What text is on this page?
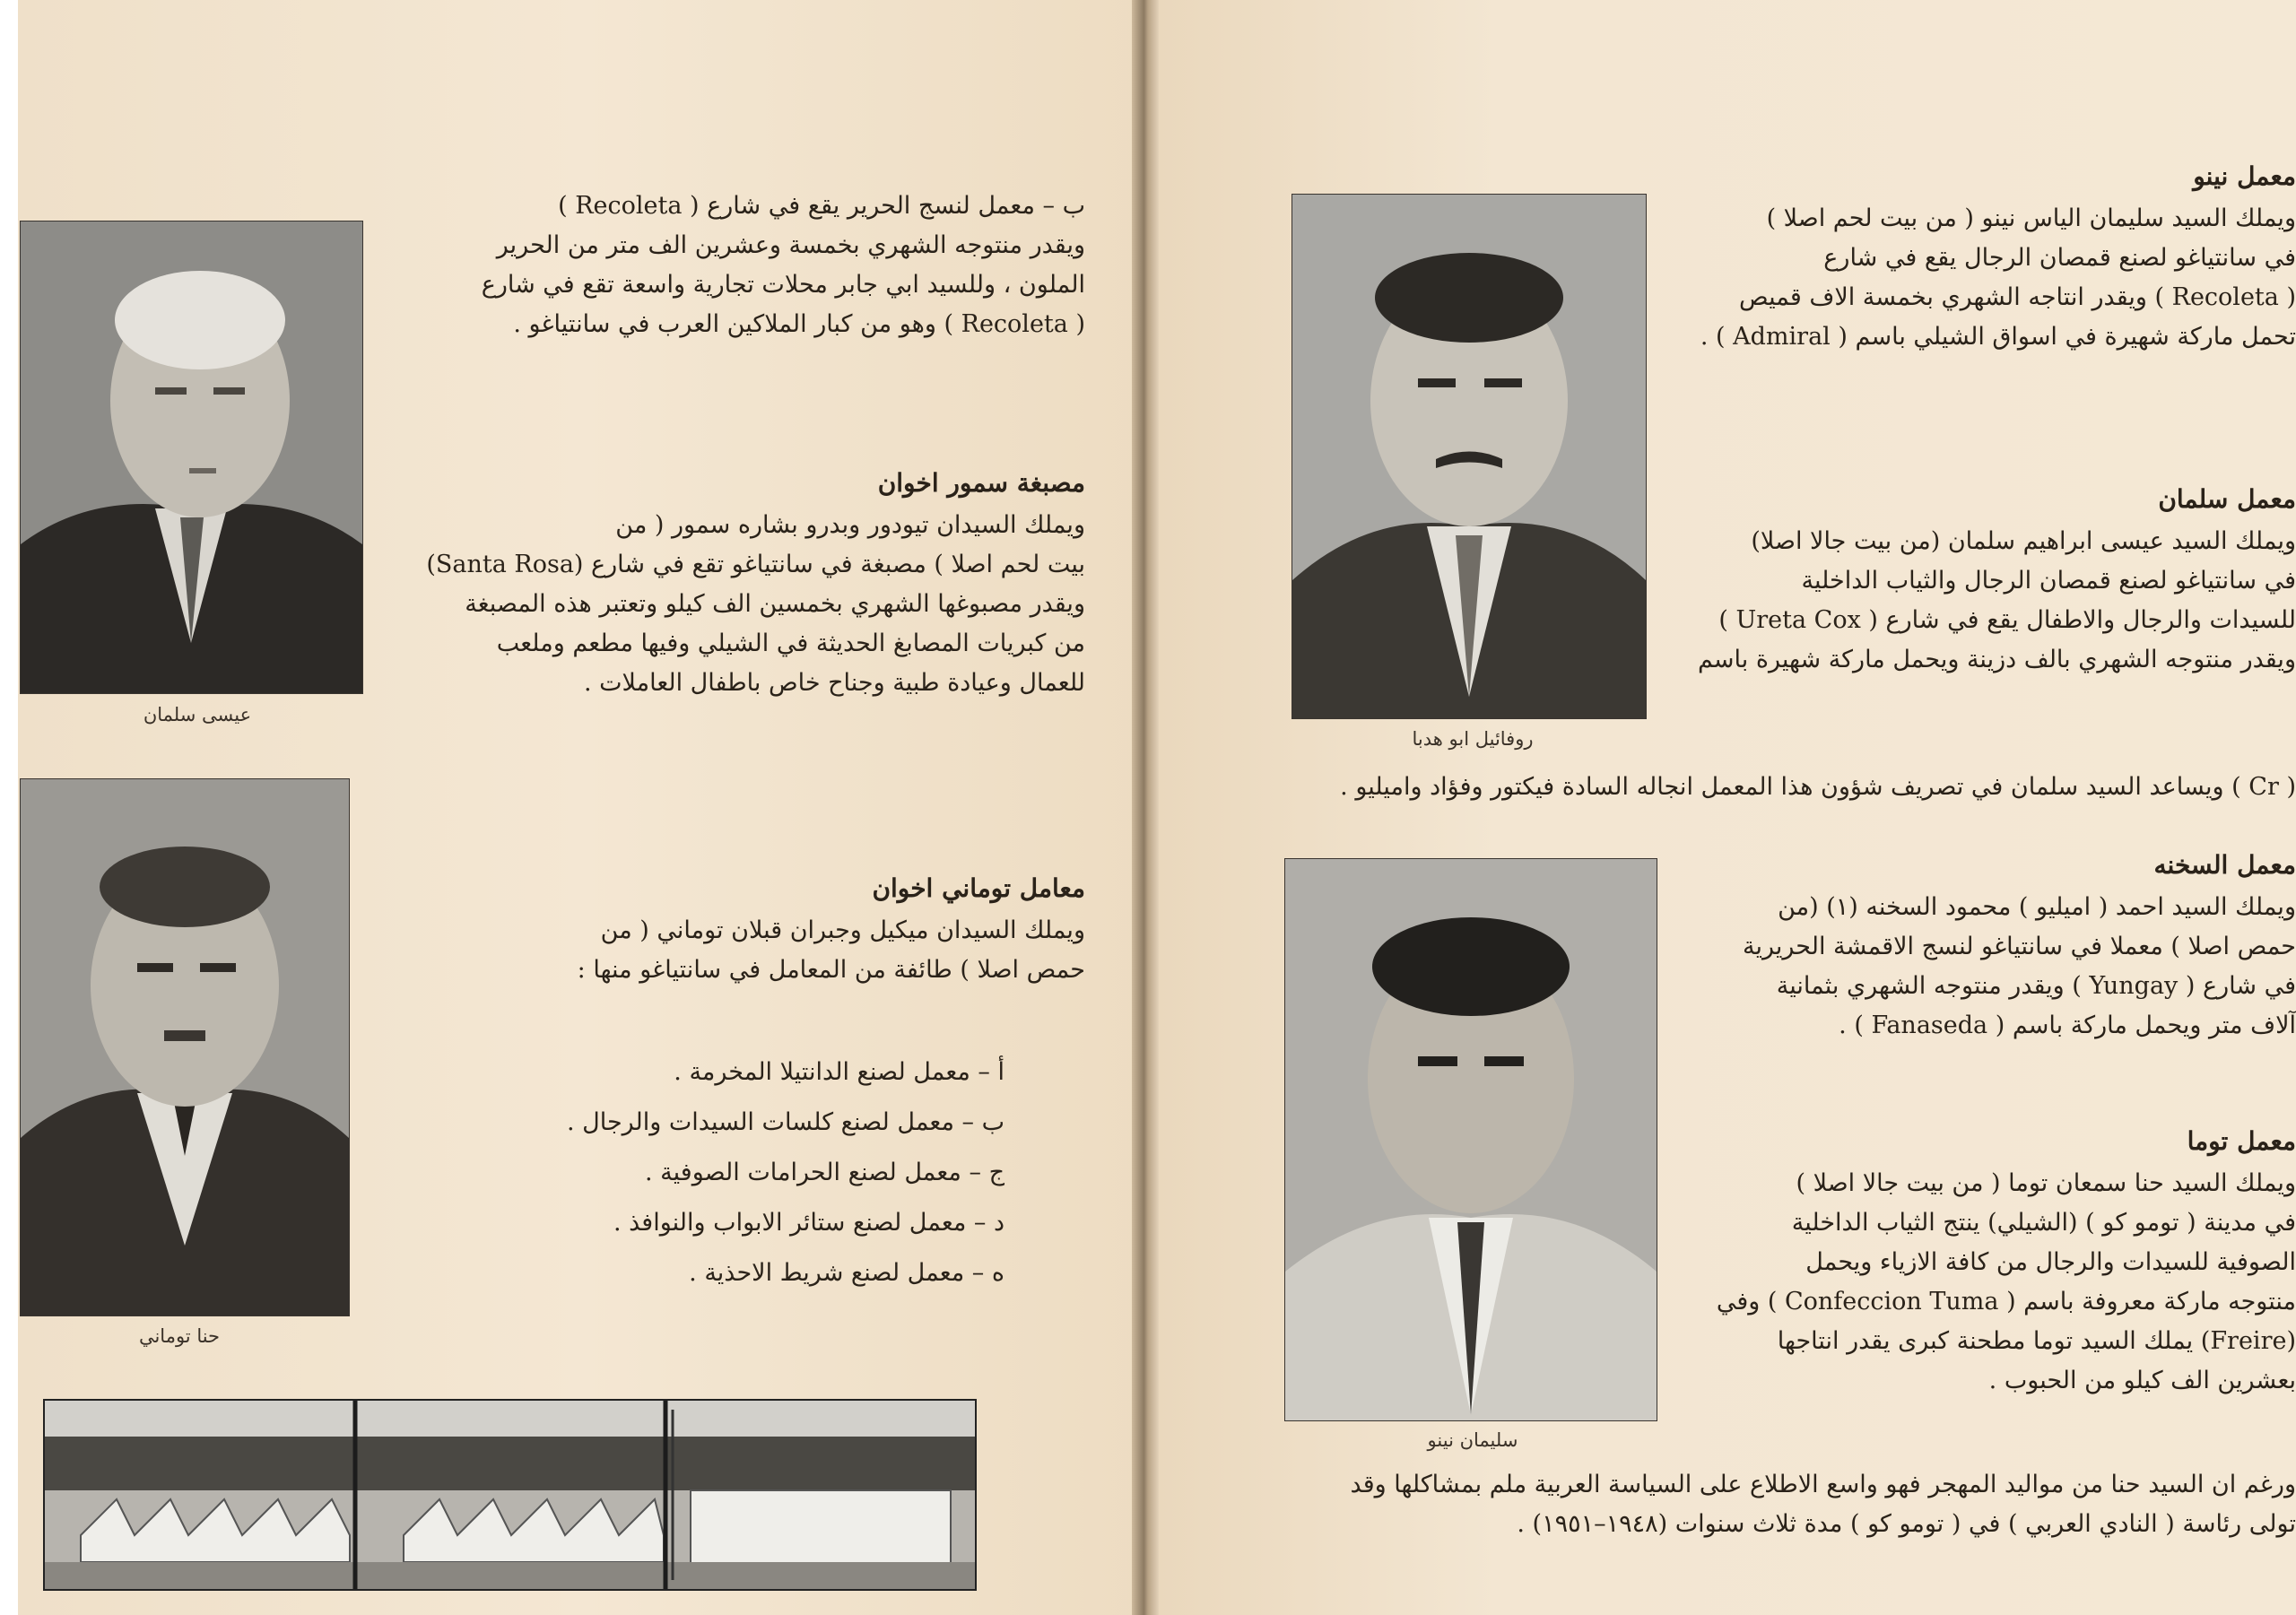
عيسى سلمان
حنا توماني
ب – معمل لنسج الحرير يقع في شارع ( Recoleta )
ويقدر منتوجه الشهري بخمسة وعشرين الف متر من الحرير
الملون ، وللسيد ابي جابر محلات تجارية واسعة تقع في شارع
( Recoleta ) وهو من كبار الملاكين العرب في سانتياغو .
مصبغة سمور اخوان
ويملك السيدان تيودور وبدرو بشاره سمور ( من
بيت لحم اصلا ) مصبغة في سانتياغو تقع في شارع (Santa Rosa)
ويقدر مصبوغها الشهري بخمسين الف كيلو وتعتبر هذه المصبغة
من كبريات المصابغ الحديثة في الشيلي وفيها مطعم وملعب
للعمال وعيادة طبية وجناح خاص باطفال العاملات .
معامل توماني اخوان
ويملك السيدان ميكيل وجبران قبلان توماني ( من
حمص اصلا ) طائفة من المعامل في سانتياغو منها :
أ – معمل لصنع الدانتيلا المخرمة .
ب – معمل لصنع كلسات السيدات والرجال .
ج – معمل لصنع الحرامات الصوفية .
د – معمل لصنع ستائر الابواب والنوافذ .
ه – معمل لصنع شريط الاحذية .
روفائيل ابو هدبا
سليمان نينو
معمل نينو
ويملك السيد سليمان الياس نينو ( من بيت لحم اصلا )
في سانتياغو لصنع قمصان الرجال يقع في شارع
( Recoleta ) ويقدر انتاجه الشهري بخمسة الاف قميص
تحمل ماركة شهيرة في اسواق الشيلي باسم ( Admiral ) .
معمل سلمان
ويملك السيد عيسى ابراهيم سلمان (من بيت جالا اصلا)
في سانتياغو لصنع قمصان الرجال والثياب الداخلية
للسيدات والرجال والاطفال يقع في شارع ( Ureta Cox )
ويقدر منتوجه الشهري بالف دزينة ويحمل ماركة شهيرة باسم
( Cr ) ويساعد السيد سلمان في تصريف شؤون هذا المعمل انجاله السادة فيكتور وفؤاد واميليو .
معمل السخنه
ويملك السيد احمد ( اميليو ) محمود السخنه (١) (من
حمص اصلا ) معملا في سانتياغو لنسج الاقمشة الحريرية
في شارع ( Yungay ) ويقدر منتوجه الشهري بثمانية
آلاف متر ويحمل ماركة باسم ( Fanaseda ) .
معمل توما
ويملك السيد حنا سمعان توما ( من بيت جالا اصلا )
في مدينة ( تومو كو ) (الشيلي) ينتج الثياب الداخلية
الصوفية للسيدات والرجال من كافة الازياء ويحمل
منتوجه ماركة معروفة باسم ( Confeccion Tuma ) وفي
(Freire) يملك السيد توما مطحنة كبرى يقدر انتاجها
بعشرين الف كيلو من الحبوب .
ورغم ان السيد حنا من مواليد المهجر فهو واسع الاطلاع على السياسة العربية ملم بمشاكلها وقد
تولى رئاسة ( النادي العربي ) في ( تومو كو ) مدة ثلاث سنوات (١٩٤٨–١٩٥١) .
